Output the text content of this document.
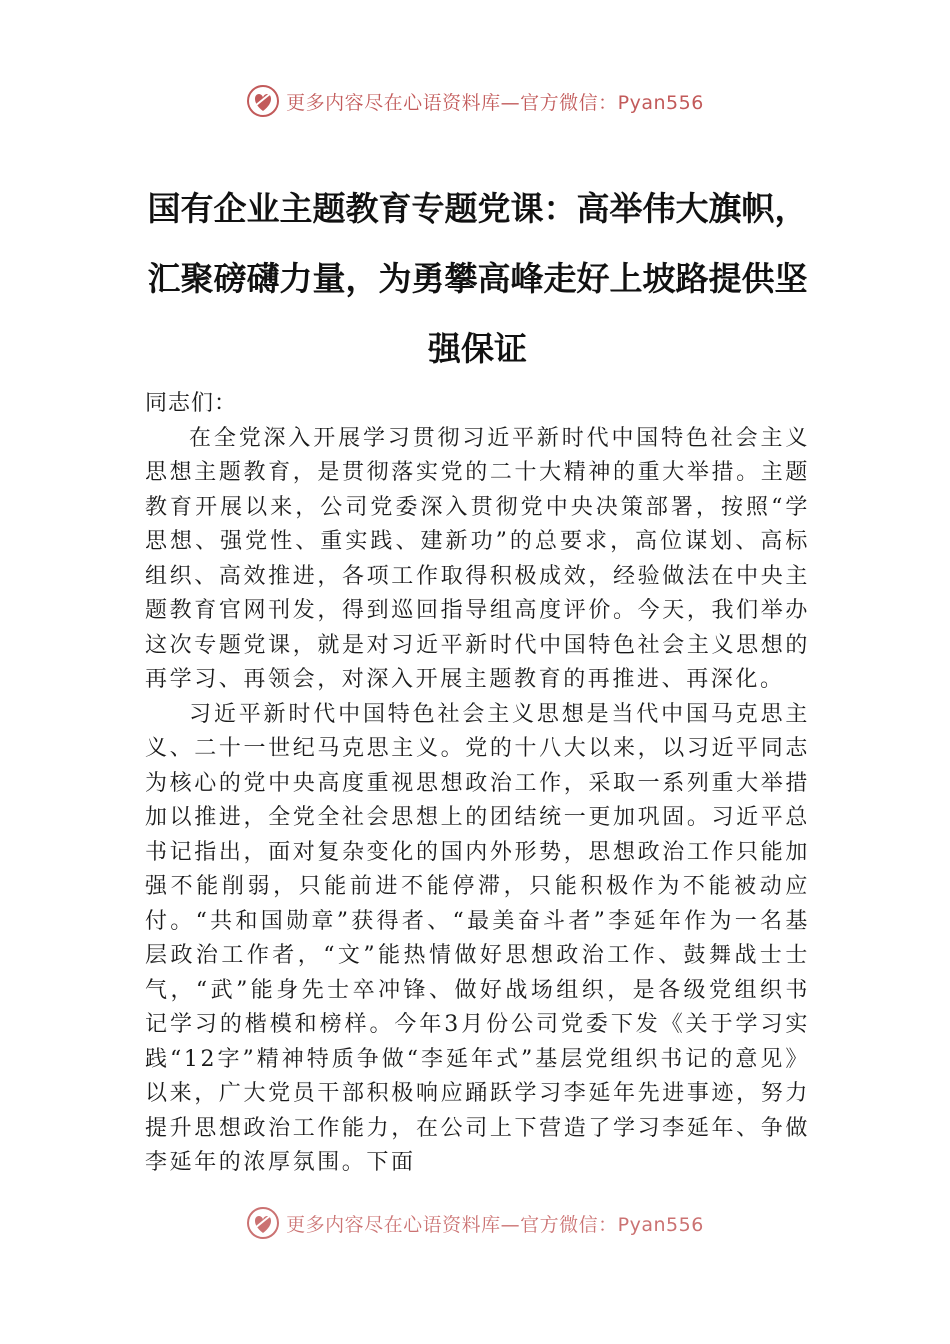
更多内容尽在心语资料库—官方微信：Pyan556
国有企业主题教育专题党课：高举伟大旗帜，汇聚磅礴力量，为勇攀高峰走好上坡路提供坚强保证

同志们：

在全党深入开展学习贯彻习近平新时代中国特色社会主义思想主题教育，是贯彻落实党的二十大精神的重大举措。主题教育开展以来，公司党委深入贯彻党中央决策部署，按照“学思想、强党性、重实践、建新功”的总要求，高位谋划、高标组织、高效推进，各项工作取得积极成效，经验做法在中央主题教育官网刊发，得到巡回指导组高度评价。今天，我们举办这次专题党课，就是对习近平新时代中国特色社会主义思想的再学习、再领会，对深入开展主题教育的再推进、再深化。

习近平新时代中国特色社会主义思想是当代中国马克思主义、二十一世纪马克思主义。党的十八大以来，以习近平同志为核心的党中央高度重视思想政治工作，采取一系列重大举措加以推进，全党全社会思想上的团结统一更加巩固。习近平总书记指出，面对复杂变化的国内外形势，思想政治工作只能加强不能削弱，只能前进不能停滞，只能积极作为不能被动应付。“共和国勋章”获得者、“最美奋斗者”李延年作为一名基层政治工作者，“文”能热情做好思想政治工作、鼓舞战士士气，“武”能身先士卒冲锋、做好战场组织，是各级党组织书记学习的楷模和榜样。今年3月份公司党委下发《关于学习实践“12字”精神特质争做“李延年式”基层党组织书记的意见》以来，广大党员干部积极响应踊跃学习李延年先进事迹，努力提升思想政治工作能力，在公司上下营造了学习李延年、争做李延年的浓厚氛围。下面

更多内容尽在心语资料库—官方微信：Pyan556
